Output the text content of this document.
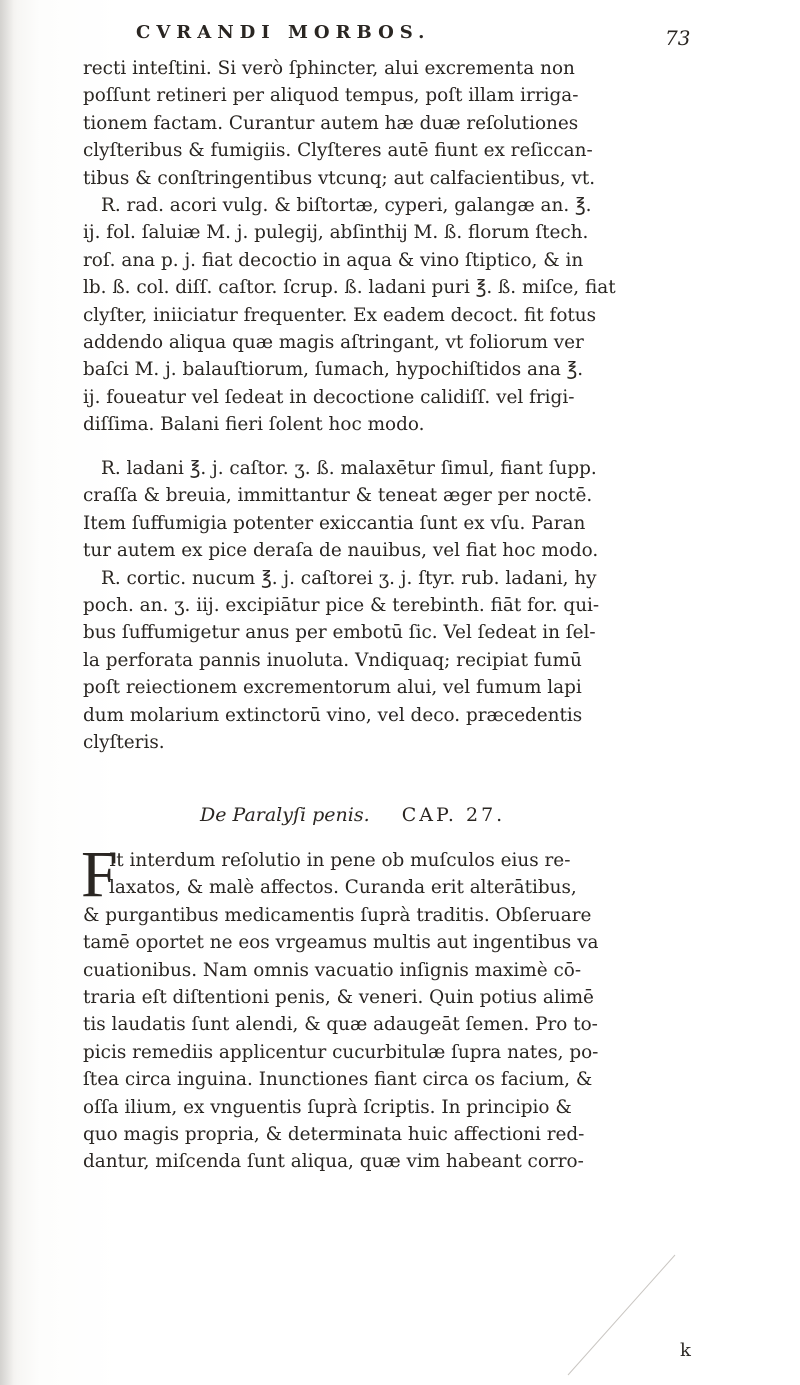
CVRANDI MORBOS.	73
recti inteſtini. Si verò ſphincter, alui excrementa non
poſſunt retineri per aliquod tempus, poſt illam irriga-
tionem factam. Curantur autem hæ duæ reſolutiones
clyſteribus & fumigiis. Clyſteres autē fiunt ex reſiccan-
tibus & conſtringentibus vtcunq; aut calfacientibus, vt.
R. rad. acori vulg. & biſtortæ, cyperi, galangæ an. ℥.
ij. fol. ſaluiæ M. j. pulegij, abſinthij M. ß. florum ſtech.
roſ. ana p. j. fiat decoctio in aqua & vino ſtiptico, & in
lb. ß. col. diſſ. caſtor. ſcrup. ß. ladani puri ℥. ß. miſce, fiat
clyſter, iniiciatur frequenter. Ex eadem decoct. fit fotus
addendo aliqua quæ magis aſtringant, vt foliorum ver
baſci M. j. balauſtiorum, ſumach, hypochiſtidos ana ℥.
ij. foueatur vel ſedeat in decoctione calidiſſ. vel frigi-
diſſima. Balani fieri ſolent hoc modo.
R. ladani ℥. j. caſtor. ʒ. ß. malaxētur ſimul, fiant ſupp.
craſſa & breuia, immittantur & teneat æger per noctē.
Item ſuffumigia potenter exiccantia ſunt ex vſu. Paran
tur autem ex pice deraſa de nauibus, vel fiat hoc modo.
R. cortic. nucum ℥. j. caſtorei ʒ. j. ſtyr. rub. ladani, hy
poch. an. ʒ. iij. excipiātur pice & terebinth. fiāt for. qui-
bus ſuffumigetur anus per embotū ſic. Vel ſedeat in ſel-
la perforata pannis inuoluta. Vndiquaq; recipiat fumū
poſt reiectionem excrementorum alui, vel fumum lapi
dum molarium extinctorū vino, vel deco. præcedentis
clyſteris.
De Paralyſi penis. CAP. 27.
F
It interdum reſolutio in pene ob muſculos eius re-
laxatos, & malè affectos. Curanda erit alterātibus,
& purgantibus medicamentis ſuprà traditis. Obſeruare
tamē oportet ne eos vrgeamus multis aut ingentibus va
cuationibus. Nam omnis vacuatio inſignis maximè cō-
traria eſt diſtentioni penis, & veneri. Quin potius alimē
tis laudatis ſunt alendi, & quæ adaugeāt ſemen. Pro to-
picis remediis applicentur cucurbitulæ ſupra nates, po-
ſtea circa inguina. Inunctiones fiant circa os facium, &
oſſa ilium, ex vnguentis ſuprà ſcriptis. In principio &
quo magis propria, & determinata huic affectioni red-
dantur, miſcenda ſunt aliqua, quæ vim habeant corro-
k
